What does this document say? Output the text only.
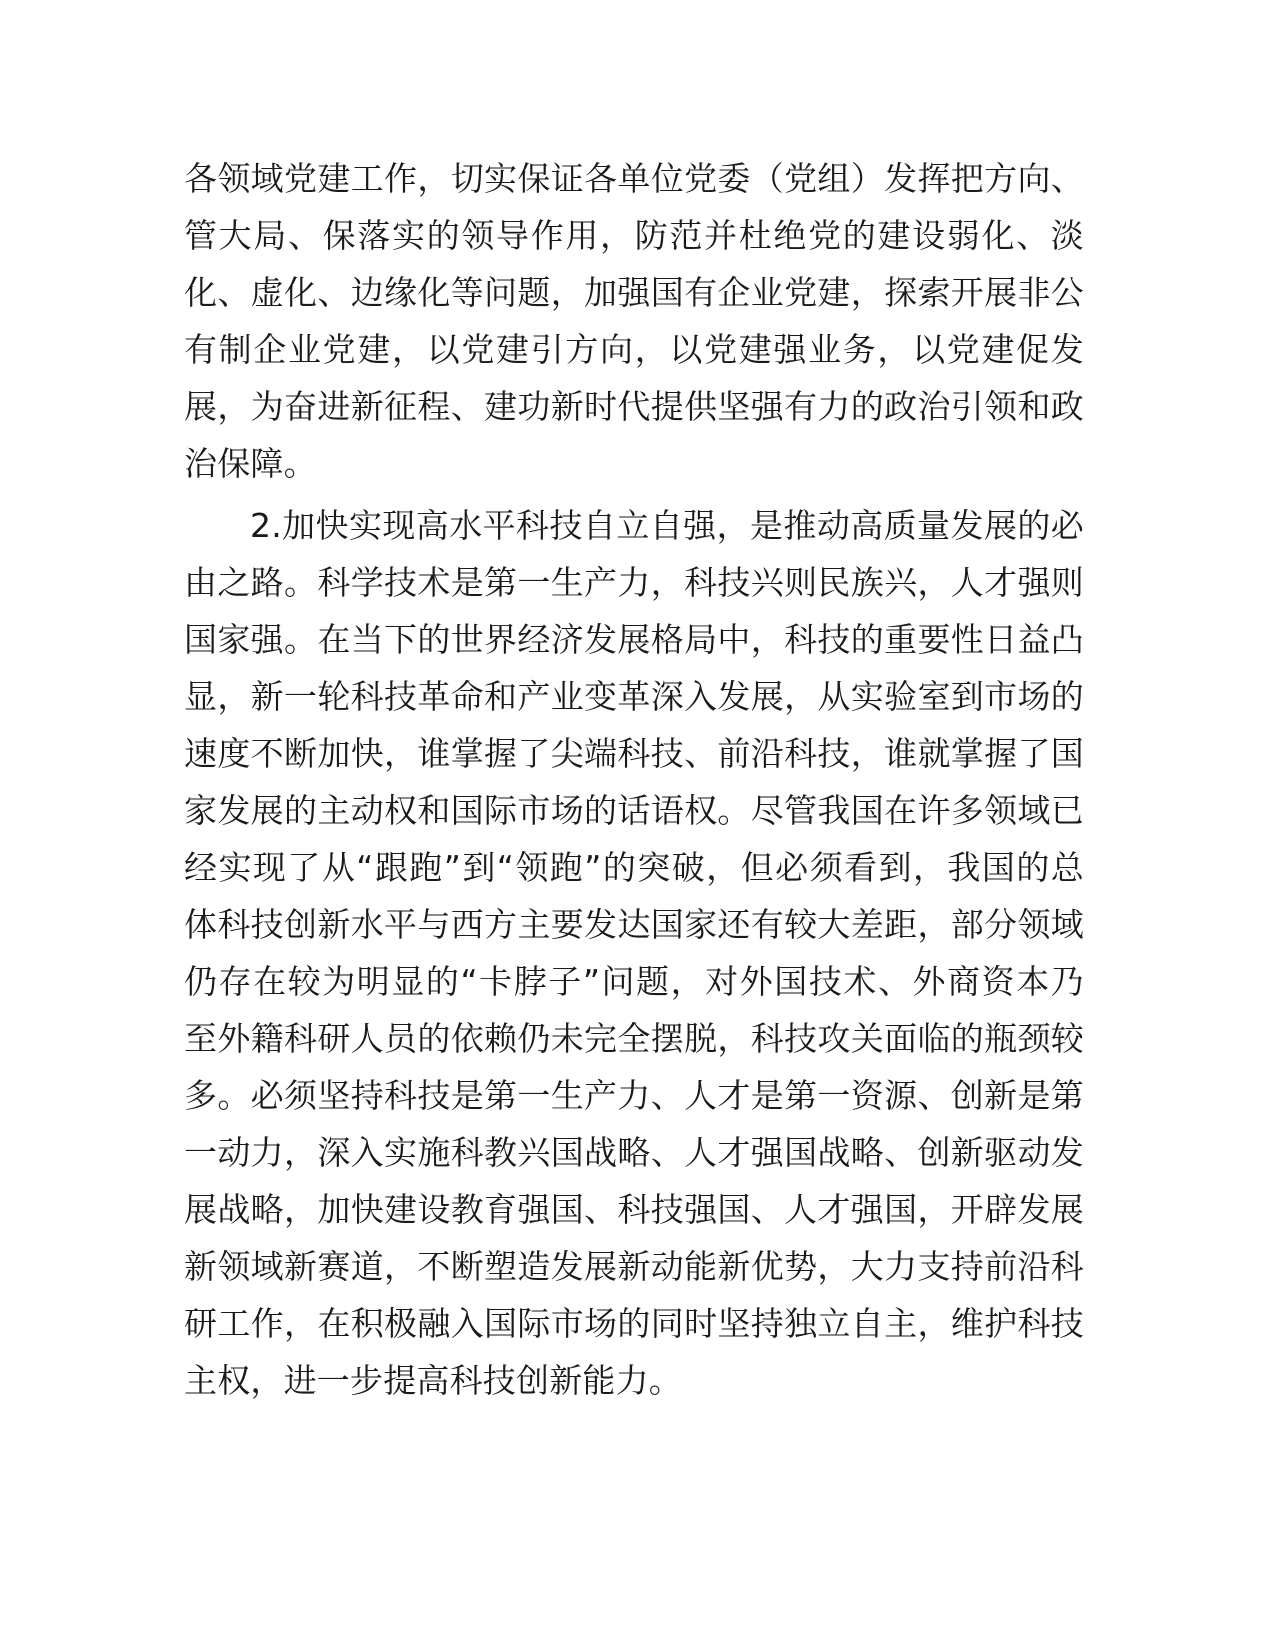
各领域党建工作，切实保证各单位党委（党组）发挥把方向、
管大局、保落实的领导作用，防范并杜绝党的建设弱化、淡
化、虚化、边缘化等问题，加强国有企业党建，探索开展非公
有制企业党建，以党建引方向，以党建强业务，以党建促发
展，为奋进新征程、建功新时代提供坚强有力的政治引领和政
治保障。
2.加快实现高水平科技自立自强，是推动高质量发展的必
由之路。科学技术是第一生产力，科技兴则民族兴，人才强则
国家强。在当下的世界经济发展格局中，科技的重要性日益凸
显，新一轮科技革命和产业变革深入发展，从实验室到市场的
速度不断加快，谁掌握了尖端科技、前沿科技，谁就掌握了国
家发展的主动权和国际市场的话语权。尽管我国在许多领域已
经实现了从“跟跑”到“领跑”的突破，但必须看到，我国的总
体科技创新水平与西方主要发达国家还有较大差距，部分领域
仍存在较为明显的“卡脖子”问题，对外国技术、外商资本乃
至外籍科研人员的依赖仍未完全摆脱，科技攻关面临的瓶颈较
多。必须坚持科技是第一生产力、人才是第一资源、创新是第
一动力，深入实施科教兴国战略、人才强国战略、创新驱动发
展战略，加快建设教育强国、科技强国、人才强国，开辟发展
新领域新赛道，不断塑造发展新动能新优势，大力支持前沿科
研工作，在积极融入国际市场的同时坚持独立自主，维护科技
主权，进一步提高科技创新能力。
